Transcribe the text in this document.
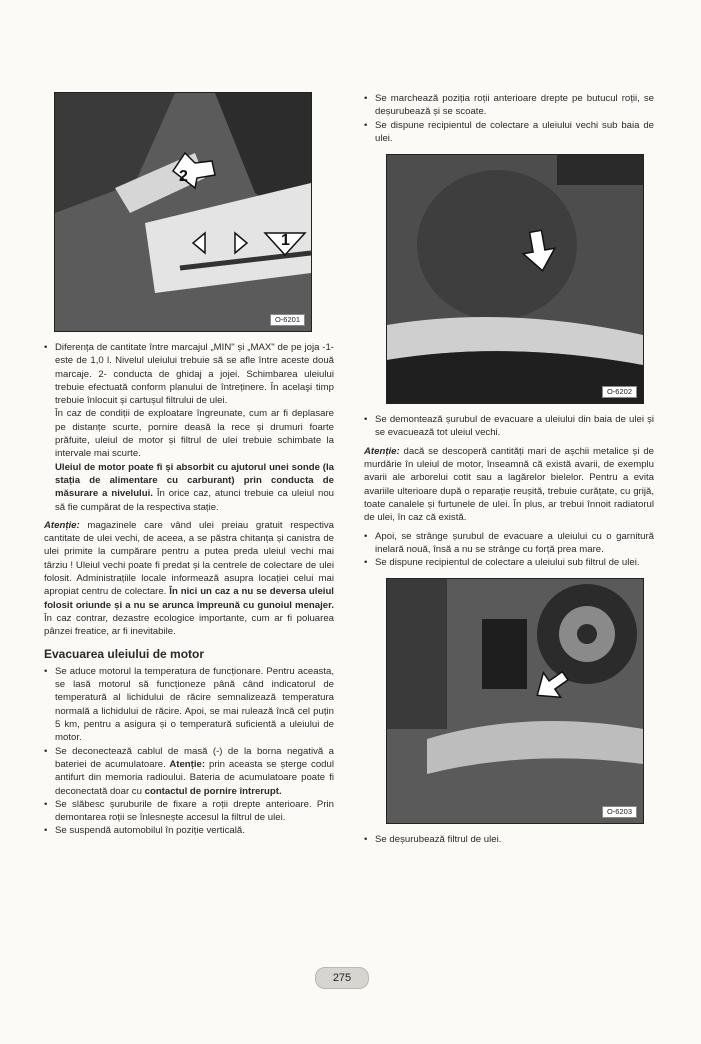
2
1
O-6201
• Diferența de cantitate între marcajul „MIN" și „MAX" de pe joja -1- este de 1,0 l. Nivelul uleiului trebuie să se afle între aceste două marcaje. 2- conducta de ghidaj a jojei. Schimbarea uleiului trebuie efectuată conform planului de întreținere. În acelaşi timp trebuie înlocuit și cartușul filtrului de ulei.

În caz de condiții de exploatare îngreunate, cum ar fi deplasare pe distanțe scurte, pornire deasă la rece și drumuri foarte prăfuite, uleiul de motor și filtrul de ulei trebuie schimbate la intervale mai scurte.

Uleiul de motor poate fi și absorbit cu ajutorul unei sonde (la stația de alimentare cu carburant) prin conducta de măsurare a nivelului. În orice caz, atunci trebuie ca uleiul nou să fie cumpărat de la respectiva stație.

Atenție: magazinele care vând ulei preiau gratuit respectiva cantitate de ulei vechi, de aceea, a se păstra chitanța și canistra de ulei primite la cumpărare pentru a putea preda uleiul vechi mai târziu ! Uleiul vechi poate fi predat și la centrele de colectare de ulei folosit. Administrațiile locale informează asupra locației celui mai apropiat centru de colectare. În nici un caz a nu se deversa uleiul folosit oriunde și a nu se arunca împreună cu gunoiul menajer. În caz contrar, dezastre ecologice importante, cum ar fi poluarea pânzei freatice, ar fi inevitabile.

Evacuarea uleiului de motor
• Se aduce motorul la temperatura de funcționare. Pentru aceasta, se lasă motorul să funcționeze până când indicatorul de temperatură al lichidului de răcire semnalizează temperatura normală a lichidului de răcire. Apoi, se mai rulează încă cel puțin 5 km, pentru a asigura și o temperatură suficientă a uleiului de motor.
• Se deconectează cablul de masă (-) de la borna negativă a bateriei de acumulatoare. Atenție: prin aceasta se șterge codul antifurt din memoria radioului. Bateria de acumulatoare poate fi deconectată doar cu contactul de pornire întrerupt.
• Se slăbesc șuruburile de fixare a roții drepte anterioare. Prin demontarea roții se înlesnește accesul la filtrul de ulei.
• Se suspendă automobilul în poziție verticală.
• Se marchează poziția roții anterioare drepte pe butucul roții, se deșurubează și se scoate.
• Se dispune recipientul de colectare a uleiului vechi sub baia de ulei.
O-6202
• Se demontează șurubul de evacuare a uleiului din baia de ulei și se evacuează tot uleiul vechi.

Atenție: dacă se descoperă cantități mari de așchii metalice și de murdărie în uleiul de motor, înseamnă că există avarii, de exemplu avarii ale arborelui cotit sau a lagărelor bielelor. Pentru a evita avariile ulterioare după o reparație reușită, trebuie curățate, cu grijă, toate canalele și furtunele de ulei. În plus, ar trebui înnoit radiatorul de ulei, în caz că există.

• Apoi, se strânge șurubul de evacuare a uleiului cu o garnitură inelară nouă, însă a nu se strânge cu forță prea mare.
• Se dispune recipientul de colectare a uleiului sub filtrul de ulei.
O-6203
• Se deșurubează filtrul de ulei.
275
